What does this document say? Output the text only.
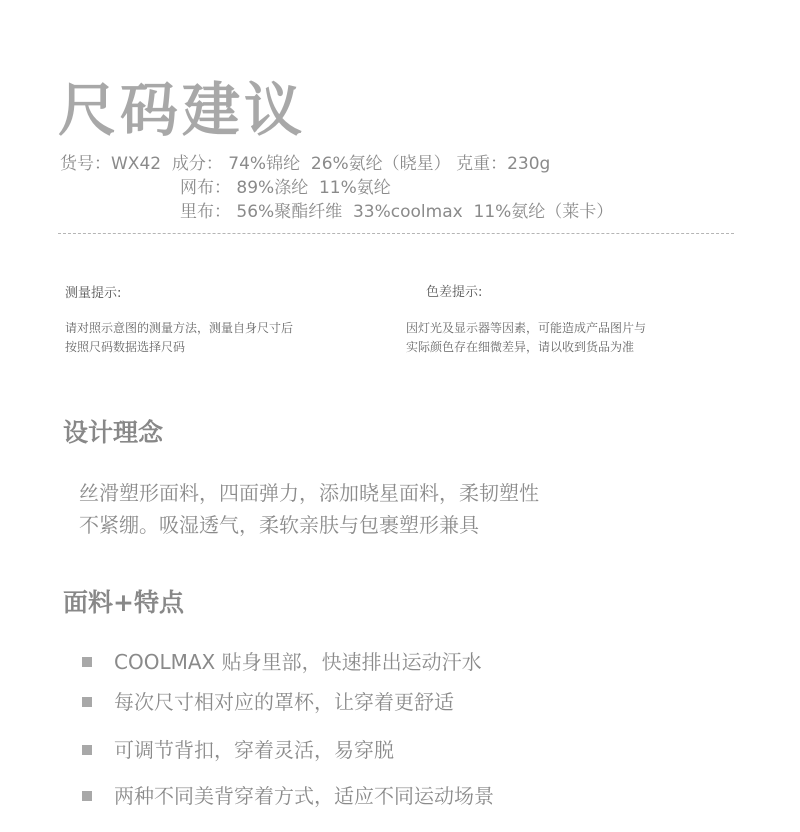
尺码建议
货号：WX42  成分： 74%锦纶  26%氨纶（晓星） 克重：230g
网布： 89%涤纶  11%氨纶
里布： 56%聚酯纤维  33%coolmax  11%氨纶（莱卡）
测量提示:
请对照示意图的测量方法，测量自身尺寸后
按照尺码数据选择尺码
色差提示:
因灯光及显示器等因素，可能造成产品图片与
实际颜色存在细微差异，请以收到货品为准
设计理念
丝滑塑形面料，四面弹力，添加晓星面料，柔韧塑性
不紧绷。吸湿透气，柔软亲肤与包裹塑形兼具
面料+特点
COOLMAX 贴身里部，快速排出运动汗水
每次尺寸相对应的罩杯，让穿着更舒适
可调节背扣，穿着灵活，易穿脱
两种不同美背穿着方式，适应不同运动场景
